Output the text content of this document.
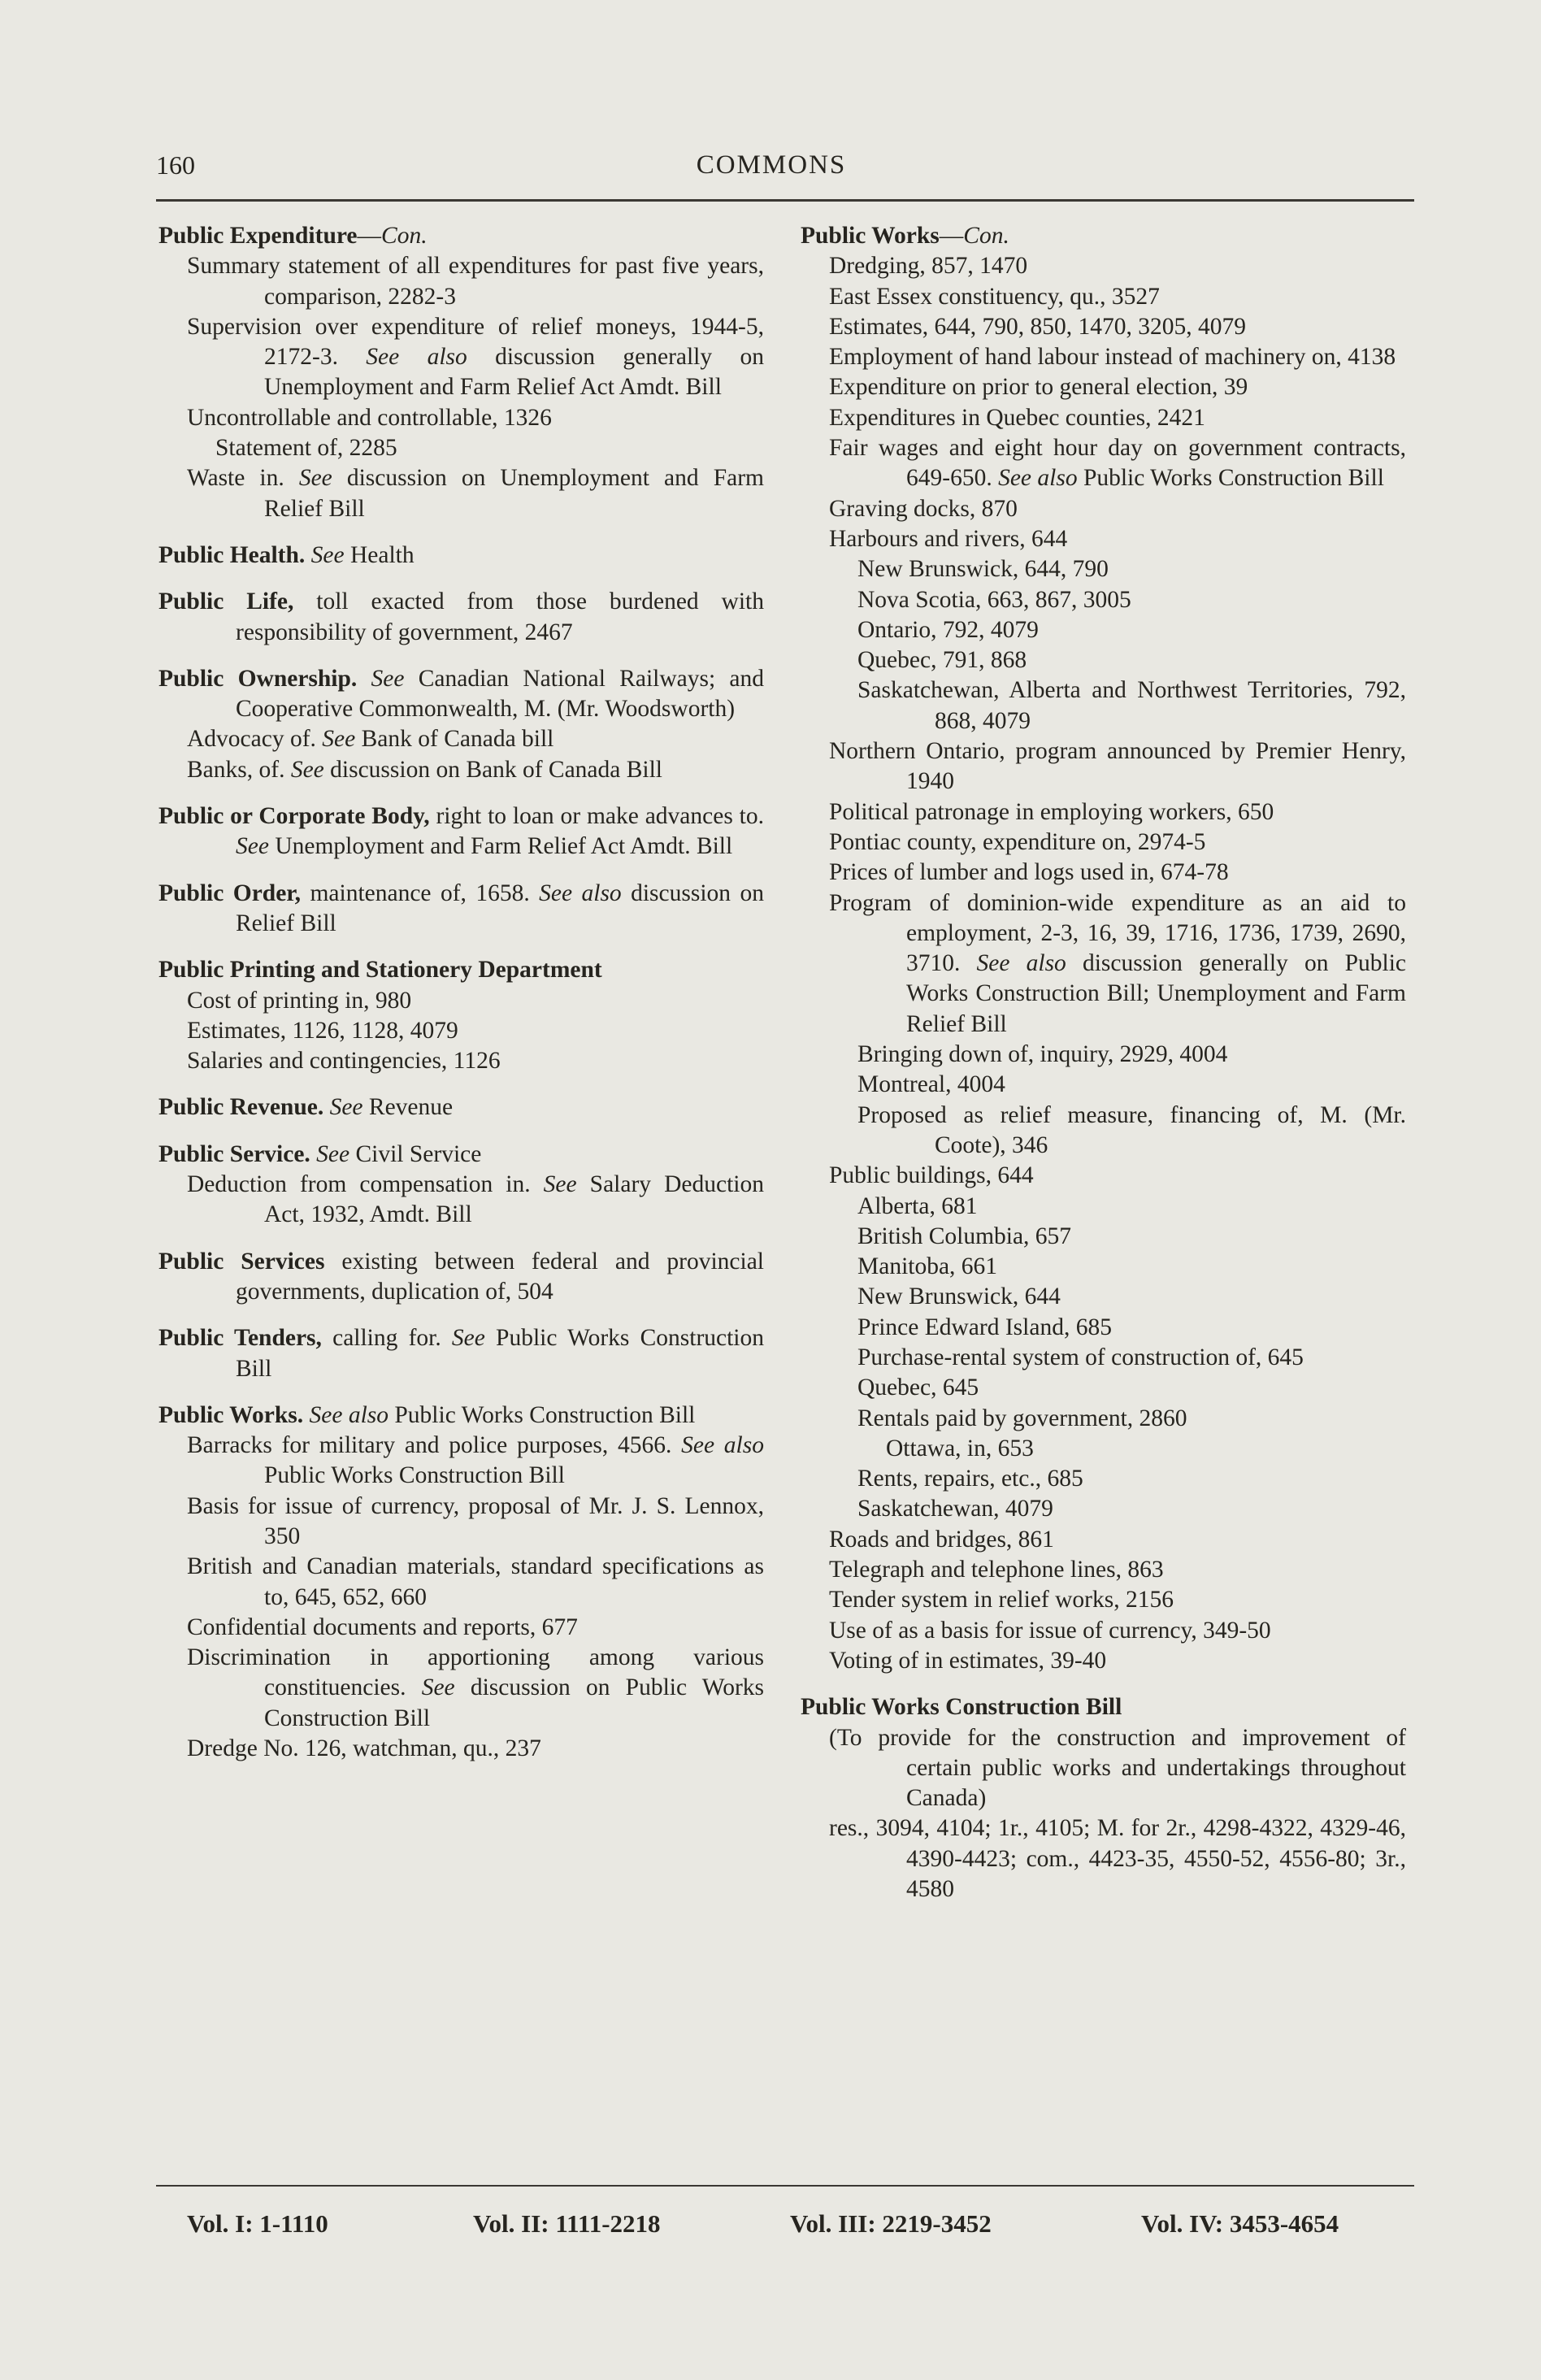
160	COMMONS
Public Expenditure—Con.
Summary statement of all expenditures for past five years, comparison, 2282-3
Supervision over expenditure of relief moneys, 1944-5, 2172-3. See also discussion generally on Unemployment and Farm Relief Act Amdt. Bill
Uncontrollable and controllable, 1326
Statement of, 2285
Waste in. See discussion on Unemployment and Farm Relief Bill
Public Health. See Health
Public Life, toll exacted from those burdened with responsibility of government, 2467
Public Ownership. See Canadian National Railways; and Cooperative Commonwealth, M. (Mr. Woodsworth)
Advocacy of. See Bank of Canada bill
Banks, of. See discussion on Bank of Canada Bill
Public or Corporate Body, right to loan or make advances to. See Unemployment and Farm Relief Act Amdt. Bill
Public Order, maintenance of, 1658. See also discussion on Relief Bill
Public Printing and Stationery Department
Cost of printing in, 980
Estimates, 1126, 1128, 4079
Salaries and contingencies, 1126
Public Revenue. See Revenue
Public Service. See Civil Service
Deduction from compensation in. See Salary Deduction Act, 1932, Amdt. Bill
Public Services existing between federal and provincial governments, duplication of, 504
Public Tenders, calling for. See Public Works Construction Bill
Public Works. See also Public Works Construction Bill
Barracks for military and police purposes, 4566. See also Public Works Construction Bill
Basis for issue of currency, proposal of Mr. J. S. Lennox, 350
British and Canadian materials, standard specifications as to, 645, 652, 660
Confidential documents and reports, 677
Discrimination in apportioning among various constituencies. See discussion on Public Works Construction Bill
Dredge No. 126, watchman, qu., 237
Public Works—Con.
Dredging, 857, 1470
East Essex constituency, qu., 3527
Estimates, 644, 790, 850, 1470, 3205, 4079
Employment of hand labour instead of machinery on, 4138
Expenditure on prior to general election, 39
Expenditures in Quebec counties, 2421
Fair wages and eight hour day on government contracts, 649-650. See also Public Works Construction Bill
Graving docks, 870
Harbours and rivers, 644
New Brunswick, 644, 790
Nova Scotia, 663, 867, 3005
Ontario, 792, 4079
Quebec, 791, 868
Saskatchewan, Alberta and Northwest Territories, 792, 868, 4079
Northern Ontario, program announced by Premier Henry, 1940
Political patronage in employing workers, 650
Pontiac county, expenditure on, 2974-5
Prices of lumber and logs used in, 674-78
Program of dominion-wide expenditure as an aid to employment, 2-3, 16, 39, 1716, 1736, 1739, 2690, 3710. See also discussion generally on Public Works Construction Bill; Unemployment and Farm Relief Bill
Bringing down of, inquiry, 2929, 4004
Montreal, 4004
Proposed as relief measure, financing of, M. (Mr. Coote), 346
Public buildings, 644
Alberta, 681
British Columbia, 657
Manitoba, 661
New Brunswick, 644
Prince Edward Island, 685
Purchase-rental system of construction of, 645
Quebec, 645
Rentals paid by government, 2860
Ottawa, in, 653
Rents, repairs, etc., 685
Saskatchewan, 4079
Roads and bridges, 861
Telegraph and telephone lines, 863
Tender system in relief works, 2156
Use of as a basis for issue of currency, 349-50
Voting of in estimates, 39-40
Public Works Construction Bill
(To provide for the construction and improvement of certain public works and undertakings throughout Canada)
res., 3094, 4104; 1r., 4105; M. for 2r., 4298-4322, 4329-46, 4390-4423; com., 4423-35, 4550-52, 4556-80; 3r., 4580
Vol. I: 1-1110	Vol. II: 1111-2218	Vol. III: 2219-3452	Vol. IV: 3453-4654
